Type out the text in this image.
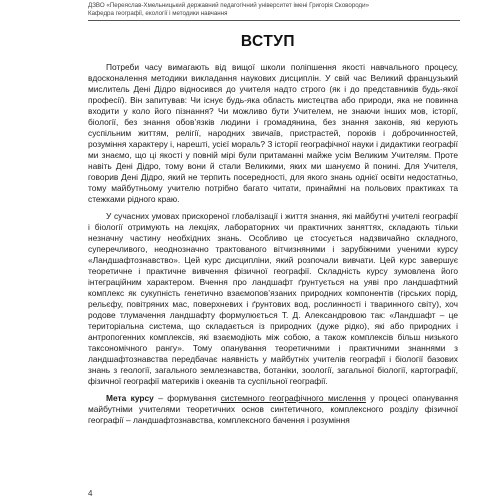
ДЗВО «Переяслав-Хмельницький державний педагогічний університет імені Григорія Сковороди»
Кафедра географії, екології і методики навчання
ВСТУП

Потреби часу вимагають від вищої школи поліпшення якості навчального процесу, вдосконалення методики викладання наукових дисциплін. У свій час Великий французький мислитель Дені Дідро відносився до учителя надто строго (як і до представників будь-якої професії). Він запитував: Чи існує будь-яка область мистецтва або природи, яка не повинна входити у коло його пізнання? Чи можливо бути Учителем, не знаючи інших мов, історії, біології, без знання обов’язків людини і громадянина, без знання законів, які керують суспільним життям, релігії, народних звичаїв, пристрастей, пороків і доброчинностей, розуміння характеру і, нарешті, усієї мораль? З історії географічної науки і дидактики географії ми знаємо, що ці якості у повній мірі були притаманні майже усім Великим Учителям. Проте навіть Дені Дідро, тому вони й стали Великими, яких ми шануємо й понині. Для Учителя, говорив Дені Дідро, який не терпить посередності, для якого знань однієї освіти недостатньо, тому майбутньому учителю потрібно багато читати, принаймні на польових практиках та стежками рідного краю.

У сучасних умовах прискореної глобалізації і життя знання, які майбутні учителі географії і біології отримують на лекціях, лабораторних чи практичних заняттях, складають тільки незначну частину необхідних знань. Особливо це стосується надзвичайно складного, суперечливого, неоднозначно трактованого вітчизняними і зарубіжними ученими курсу «Ландшафтознавство». Цей курс дисципліни, який розпочали вивчати. Цей курс завершує теоретичне і практичне вивчення фізичної географії. Складність курсу зумовлена його інтеграційним характером. Вчення про ландшафт ґрунтується на уяві про ландшафтний комплекс як сукупність генетично взаємопов’язаних природних компонентів (гірських порід, рельєфу, повітряних мас, поверхневих і ґрунтових вод, рослинності і тваринного світу), хоч родове тлумачення ландшафту формулюється Т. Д. Александровою так: «Ландшафт – це територіальна система, що складається із природних (дуже рідко), які або природних і антропогенних комплексів, які взаємодіють між собою, а також комплексів більш низького таксономічного рангу». Тому опанування теоретичними і практичними знаннями з ландшафтознавства передбачає наявність у майбутніх учителів географії і біології базових знань з геології, загального землезнавства, ботаніки, зоології, загальної біології, картографії, фізичної географії материків і океанів та суспільної географії.

Мета курсу – формування системного географічного мислення у процесі опанування майбутніми учителями теоретичних основ синтетичного, комплексного розділу фізичної географії – ландшафтознавства, комплексного бачення і розуміння

4
